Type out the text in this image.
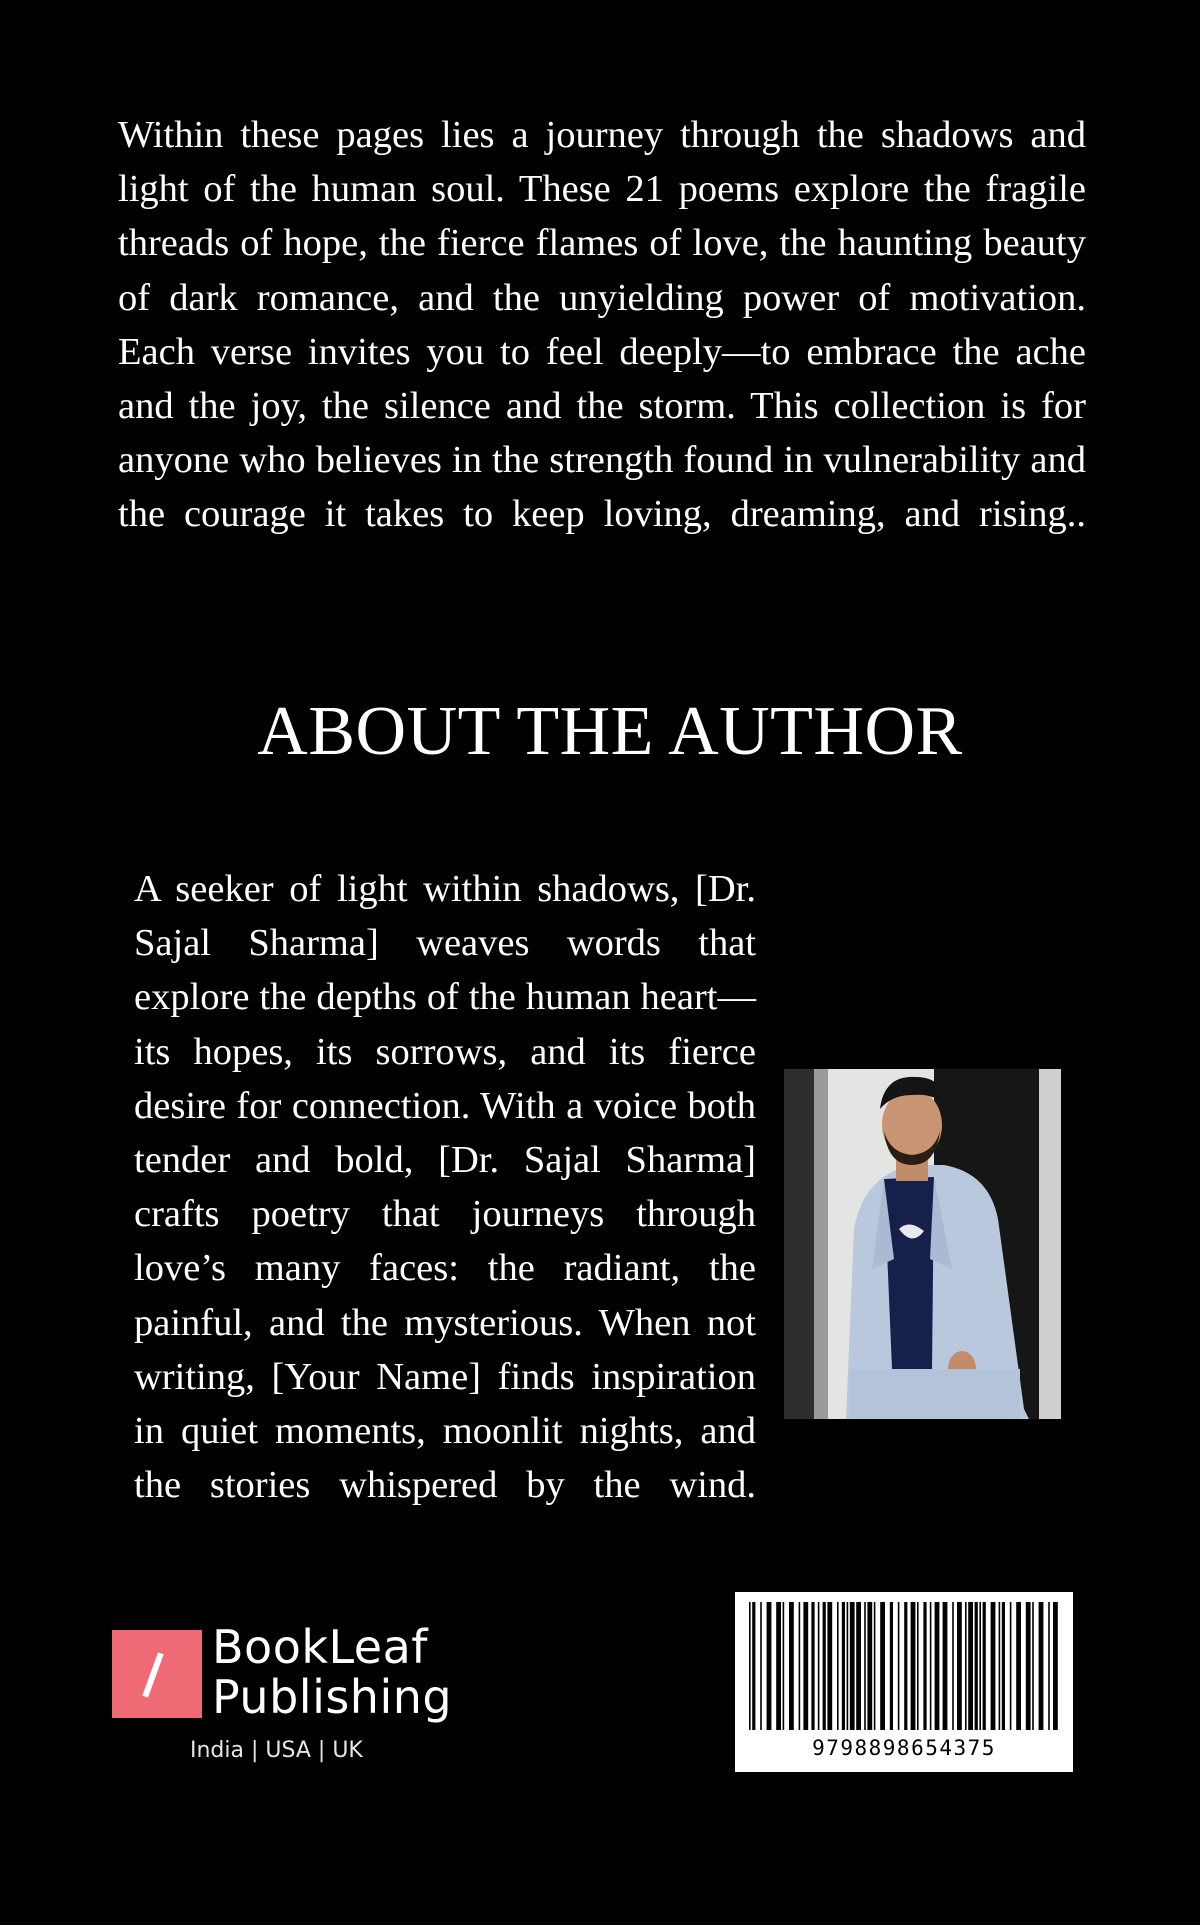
Within these pages lies a journey through the shadows and light of the human soul. These 21 poems explore the fragile threads of hope, the fierce flames of love, the haunting beauty of dark romance, and the unyielding power of motivation. Each verse invites you to feel deeply—to embrace the ache and the joy, the silence and the storm. This collection is for anyone who believes in the strength found in vulnerability and the courage it takes to keep loving, dreaming, and rising..

ABOUT THE AUTHOR

A seeker of light within shadows, [Dr. Sajal Sharma] weaves words that explore the depths of the human heart—its hopes, its sorrows, and its fierce desire for connection. With a voice both tender and bold, [Dr. Sajal Sharma] crafts poetry that journeys through love’s many faces: the radiant, the painful, and the mysterious. When not writing, [Your Name] finds inspiration in quiet moments, moonlit nights, and the stories whispered by the wind.

BookLeaf
Publishing
India | USA | UK	9798898654375
